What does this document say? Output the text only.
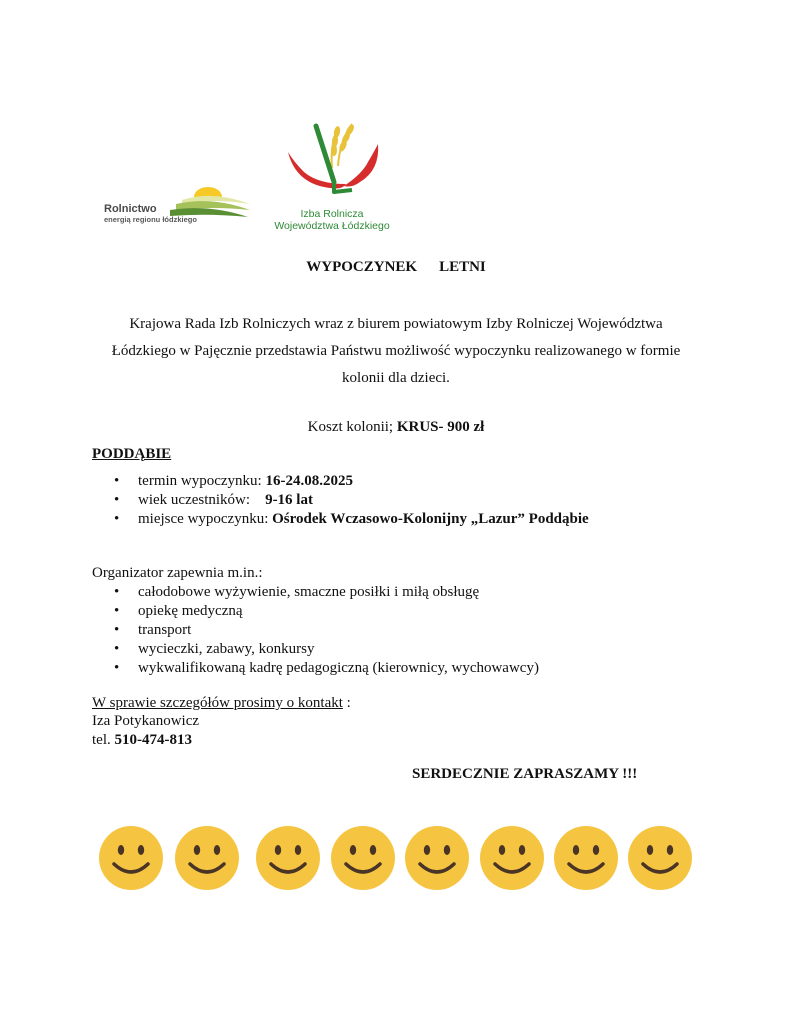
Rolnictwo
energią regionu łódzkiego	Izba Rolnicza
Województwa Łódzkiego
WYPOCZYNEK LETNI
Krajowa Rada Izb Rolniczych wraz z biurem powiatowym Izby Rolniczej Województwa Łódzkiego w Pajęcznie przedstawia Państwu możliwość wypoczynku realizowanego w formie kolonii dla dzieci.
Koszt kolonii; KRUS- 900 zł
PODDĄBIE
• termin wypoczynku: 16-24.08.2025
• wiek uczestników: 9-16 lat
• miejsce wypoczynku: Ośrodek Wczasowo-Kolonijny „Lazur” Poddąbie
Organizator zapewnia m.in.:
• całodobowe wyżywienie, smaczne posiłki i miłą obsługę
• opiekę medyczną
• transport
• wycieczki, zabawy, konkursy
• wykwalifikowaną kadrę pedagogiczną (kierownicy, wychowawcy)
W sprawie szczegółów prosimy o kontakt :
Iza Potykanowicz
tel. 510-474-813
SERDECZNIE ZAPRASZAMY !!!
